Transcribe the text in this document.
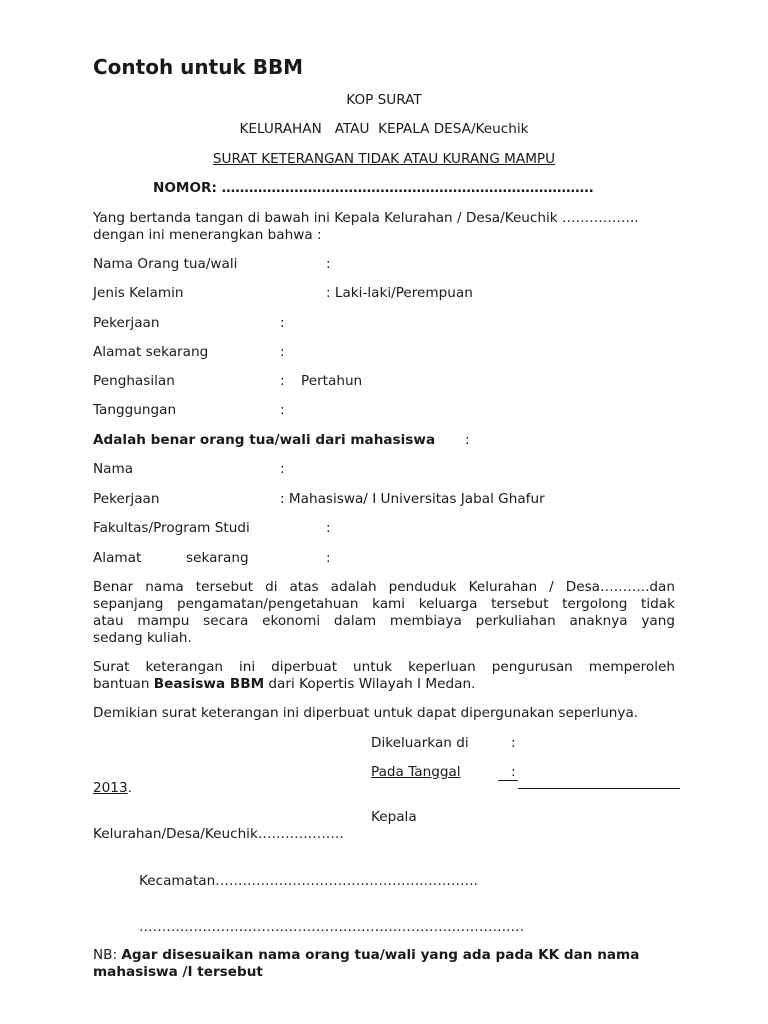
Contoh untuk BBM
KOP SURAT
KELURAHAN   ATAU  KEPALA DESA/Keuchik
SURAT KETERANGAN TIDAK ATAU KURANG MAMPU
NOMOR: ……………………………………………………………………….
Yang bertanda tangan di bawah ini Kepala Kelurahan / Desa/Keuchik ……………..
dengan ini menerangkan bahwa :
Nama Orang tua/wali	:
Jenis Kelamin	: Laki-laki/Perempuan
Pekerjaan	:
Alamat sekarang	:
Penghasilan	: Pertahun
Tanggungan	:
Adalah benar orang tua/wali dari mahasiswa :
Nama	:
Pekerjaan	: Mahasiswa/ I Universitas Jabal Ghafur
Fakultas/Program Studi	:
Alamat	sekarang	:
Benar nama tersebut di atas adalah penduduk Kelurahan / Desa………..dan
sepanjang pengamatan/pengetahuan kami keluarga tersebut tergolong tidak
atau mampu secara ekonomi dalam membiaya perkuliahan anaknya yang
sedang kuliah.
Surat keterangan ini diperbuat untuk keperluan pengurusan memperoleh
bantuan Beasiswa BBM dari Kopertis Wilayah I Medan.
Demikian surat keterangan ini diperbuat untuk dapat dipergunakan seperlunya.
Dikeluarkan di	:
Pada Tanggal	:
2013.
Kepala
Kelurahan/Desa/Keuchik……………….
Kecamatan………………………………………………….
………………………………………………………………………….
NB: Agar disesuaikan nama orang tua/wali yang ada pada KK dan nama
mahasiswa /I tersebut
